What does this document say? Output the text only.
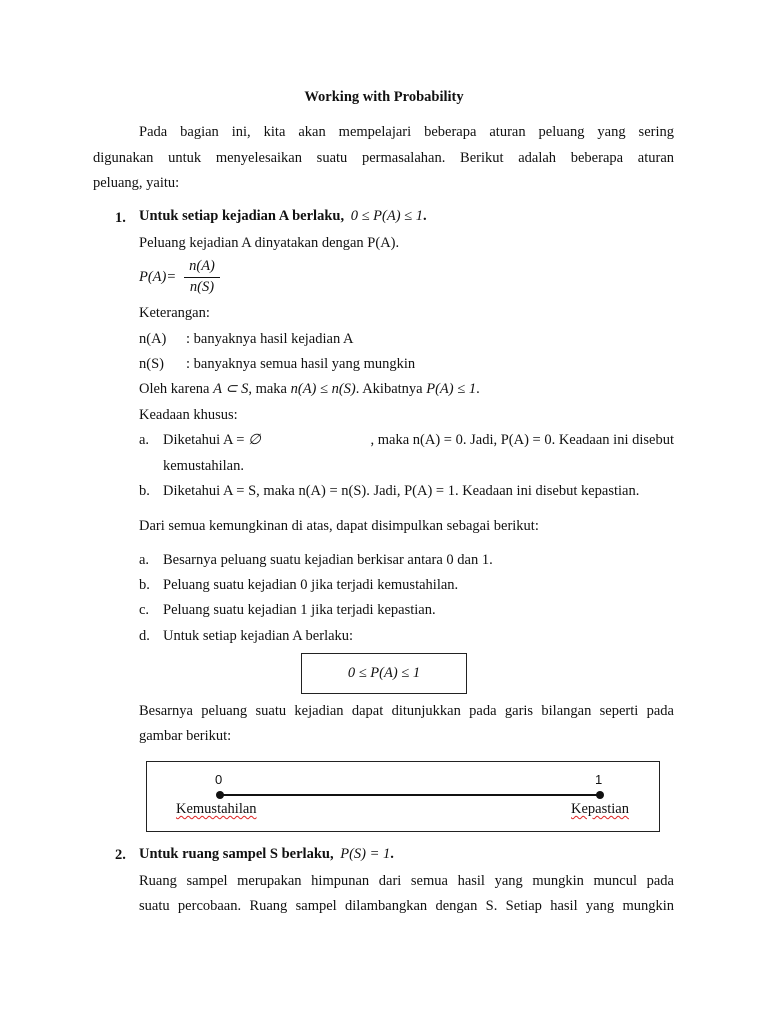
Working with Probability
Pada bagian ini, kita akan mempelajari beberapa aturan peluang yang sering
digunakan untuk menyelesaikan suatu permasalahan. Berikut adalah beberapa aturan
peluang, yaitu:
1. Untuk setiap kejadian A berlaku, 0 ≤ P(A) ≤ 1.
Peluang kejadian A dinyatakan dengan P(A).
P(A)=
n(A)
n(S)
Keterangan:
n(A) : banyaknya hasil kejadian A
n(S) : banyaknya semua hasil yang mungkin
Oleh karena A ⊂ S, maka n(A) ≤ n(S). Akibatnya P(A) ≤ 1.
Keadaan khusus:
a. Diketahui A = ∅	, maka n(A) = 0. Jadi, P(A) = 0. Keadaan ini disebut
kemustahilan.
b. Diketahui A = S, maka n(A) = n(S). Jadi, P(A) = 1. Keadaan ini disebut kepastian.
Dari semua kemungkinan di atas, dapat disimpulkan sebagai berikut:
a. Besarnya peluang suatu kejadian berkisar antara 0 dan 1.
b. Peluang suatu kejadian 0 jika terjadi kemustahilan.
c. Peluang suatu kejadian 1 jika terjadi kepastian.
d. Untuk setiap kejadian A berlaku:
0 ≤ P(A) ≤ 1
Besarnya peluang suatu kejadian dapat ditunjukkan pada garis bilangan seperti pada
gambar berikut:
0	1
Kemustahilan	Kepastian
2. Untuk ruang sampel S berlaku, P(S) = 1.
Ruang sampel merupakan himpunan dari semua hasil yang mungkin muncul pada
suatu percobaan. Ruang sampel dilambangkan dengan S. Setiap hasil yang mungkin
